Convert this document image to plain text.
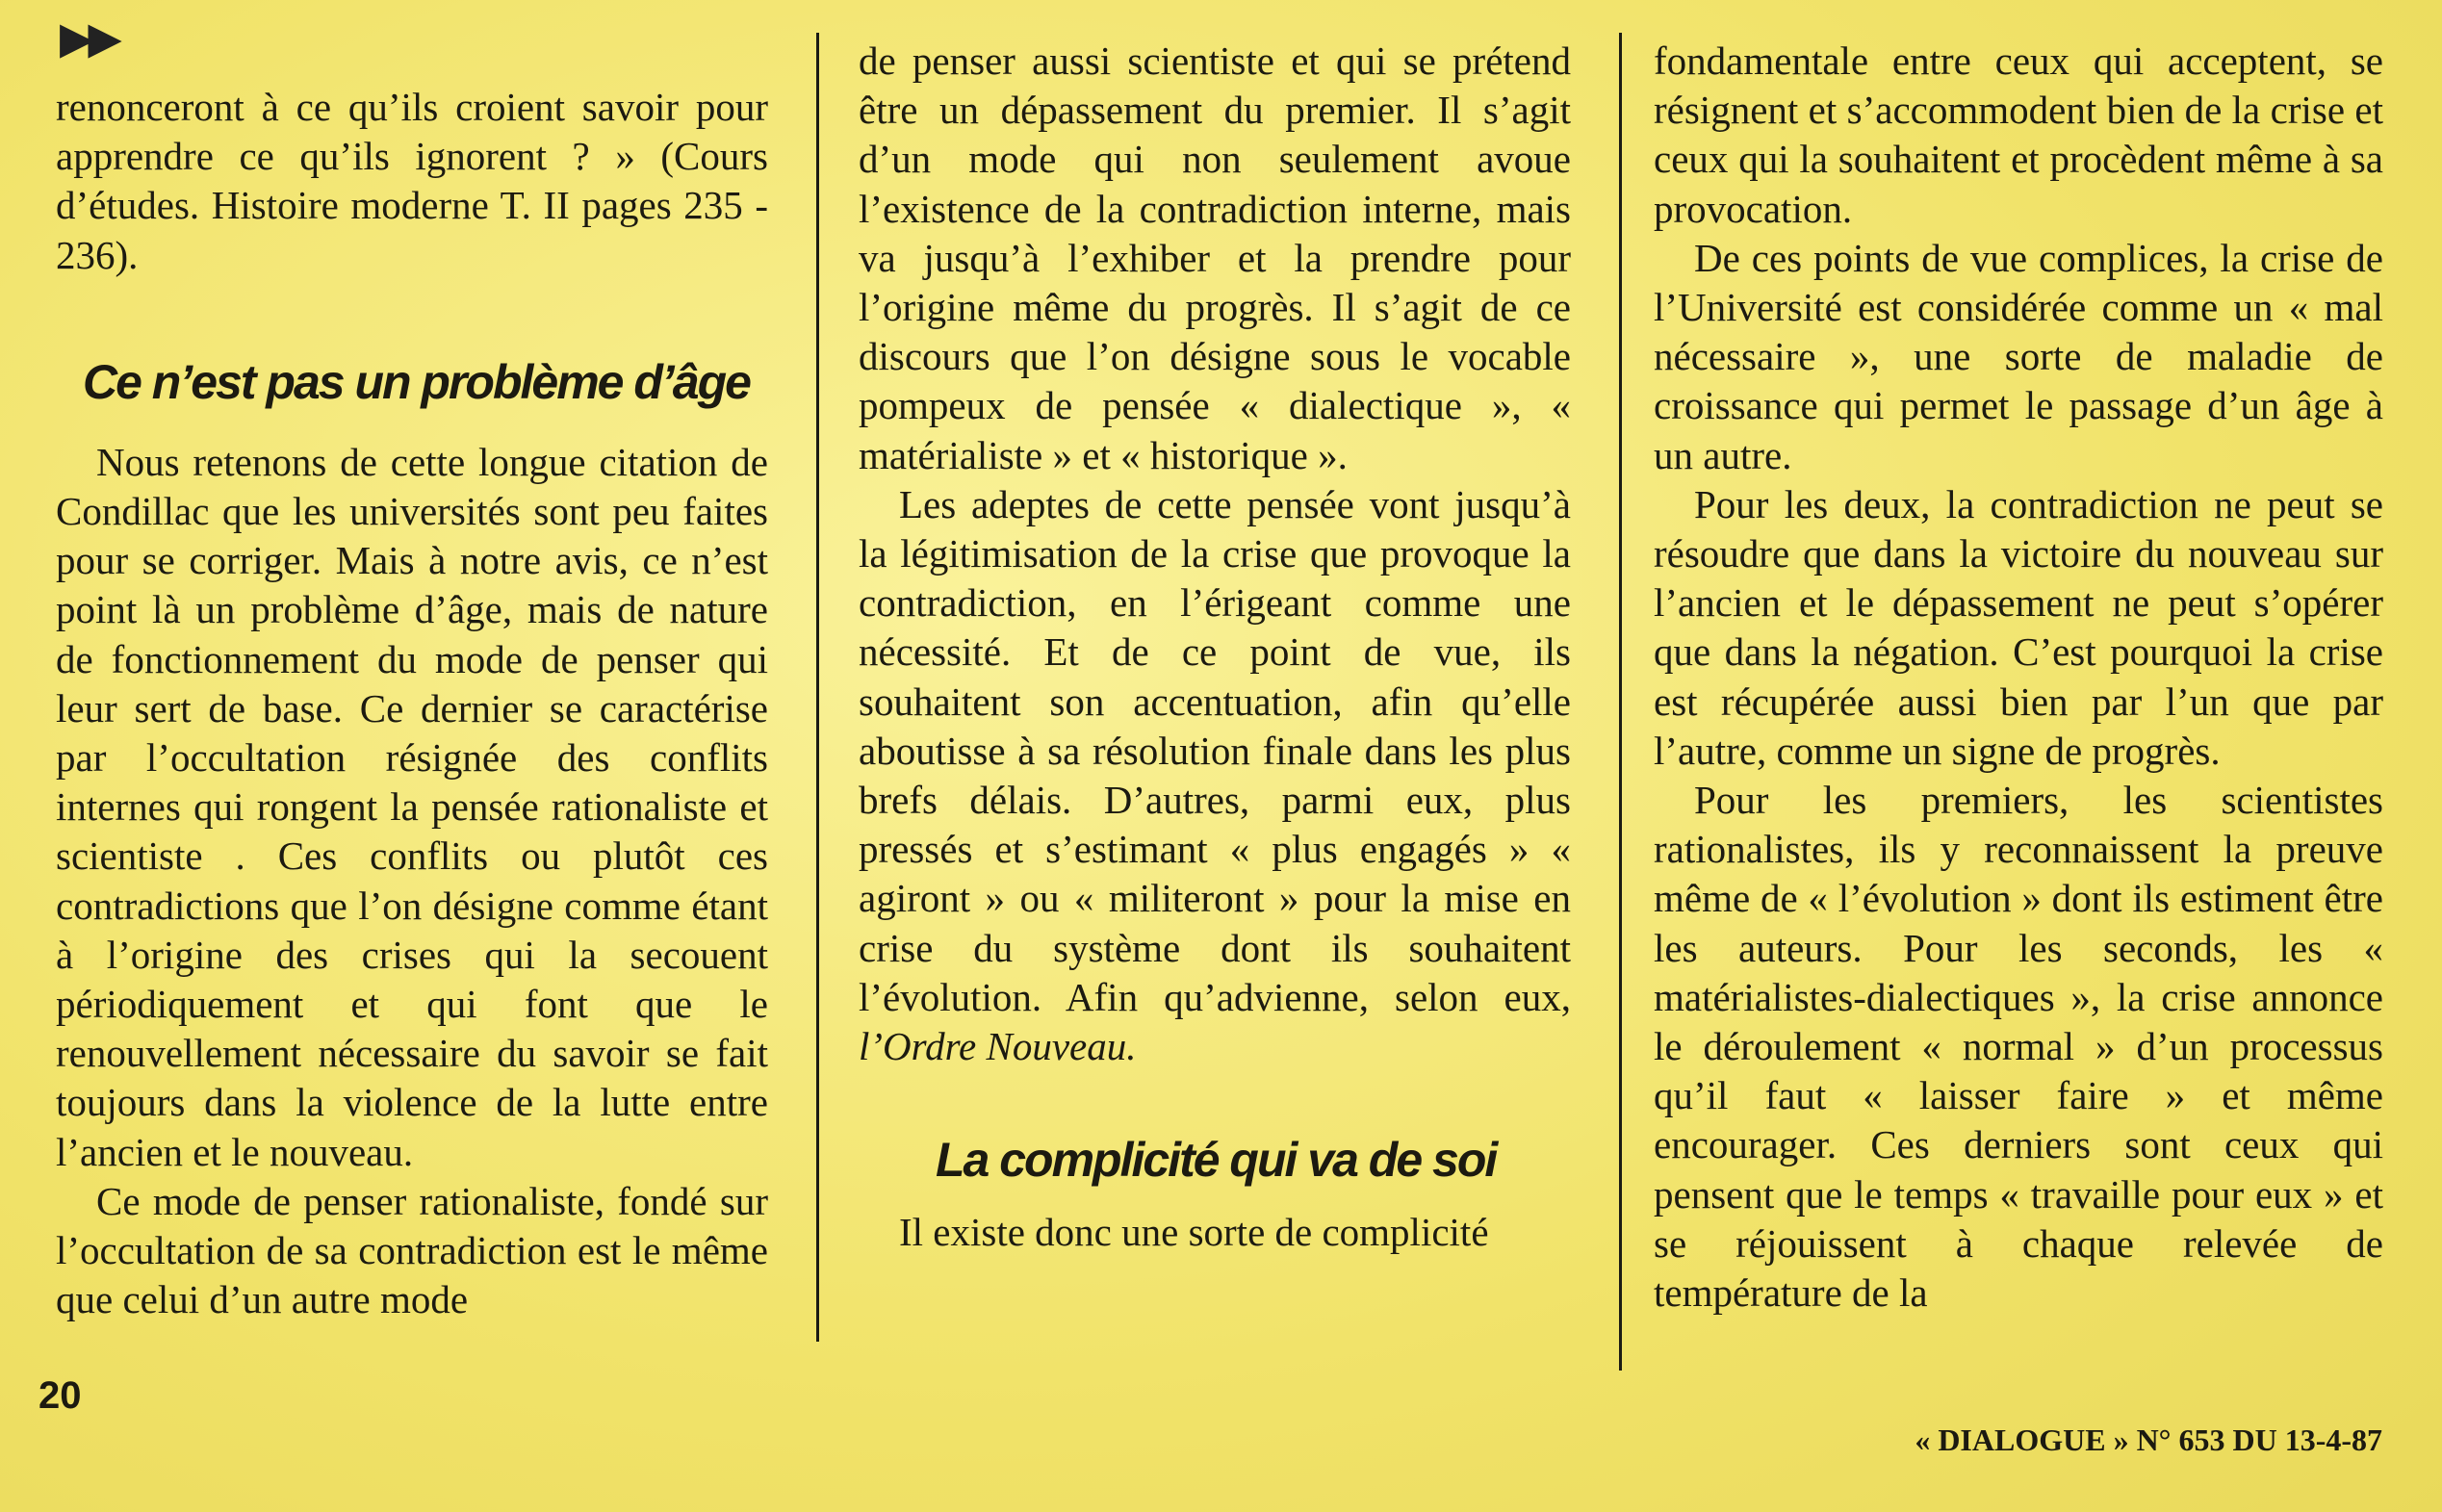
▶▶

renonceront à ce qu’ils croient savoir pour apprendre ce qu’ils ignorent ? » (Cours d’études. Histoire moderne T. II pages 235 - 236).

Ce n’est pas un problème d’âge

Nous retenons de cette longue citation de Condillac que les universités sont peu faites pour se corriger. Mais à notre avis, ce n’est point là un problème d’âge, mais de nature de fonctionnement du mode de penser qui leur sert de base. Ce dernier se caractérise par l’occultation résignée des conflits internes qui rongent la pensée rationaliste et scientiste . Ces conflits ou plutôt ces contradictions que l’on désigne comme étant à l’origine des crises qui la secouent périodiquement et qui font que le renouvellement nécessaire du savoir se fait toujours dans la violence de la lutte entre l’ancien et le nouveau.

Ce mode de penser rationaliste, fondé sur l’occultation de sa contradiction est le même que celui d’un autre mode

de penser aussi scientiste et qui se prétend être un dépassement du premier. Il s’agit d’un mode qui non seulement avoue l’existence de la contradiction interne, mais va jusqu’à l’exhiber et la prendre pour l’origine même du progrès. Il s’agit de ce discours que l’on désigne sous le vocable pompeux de pensée « dialectique », « matérialiste » et « historique ».

Les adeptes de cette pensée vont jusqu’à la légitimisation de la crise que provoque la contradiction, en l’érigeant comme une nécessité. Et de ce point de vue, ils souhaitent son accentuation, afin qu’elle aboutisse à sa résolution finale dans les plus brefs délais. D’autres, parmi eux, plus pressés et s’estimant « plus engagés » « agiront » ou « militeront » pour la mise en crise du système dont ils souhaitent l’évolution. Afin qu’advienne, selon eux, l’Ordre Nouveau.

La complicité qui va de soi

Il existe donc une sorte de complicité

fondamentale entre ceux qui acceptent, se résignent et s’accommodent bien de la crise et ceux qui la souhaitent et procèdent même à sa provocation.

De ces points de vue complices, la crise de l’Université est considérée comme un « mal nécessaire », une sorte de maladie de croissance qui permet le passage d’un âge à un autre.

Pour les deux, la contradiction ne peut se résoudre que dans la victoire du nouveau sur l’ancien et le dépassement ne peut s’opérer que dans la négation. C’est pourquoi la crise est récupérée aussi bien par l’un que par l’autre, comme un signe de progrès.

Pour les premiers, les scientistes rationalistes, ils y reconnaissent la preuve même de « l’évolution » dont ils estiment être les auteurs. Pour les seconds, les « matérialistes-dialectiques », la crise annonce le déroulement « normal » d’un processus qu’il faut « laisser faire » et même encourager. Ces derniers sont ceux qui pensent que le temps « travaille pour eux » et se réjouissent à chaque relevée de température de la

20
« DIALOGUE » N° 653 DU 13-4-87
